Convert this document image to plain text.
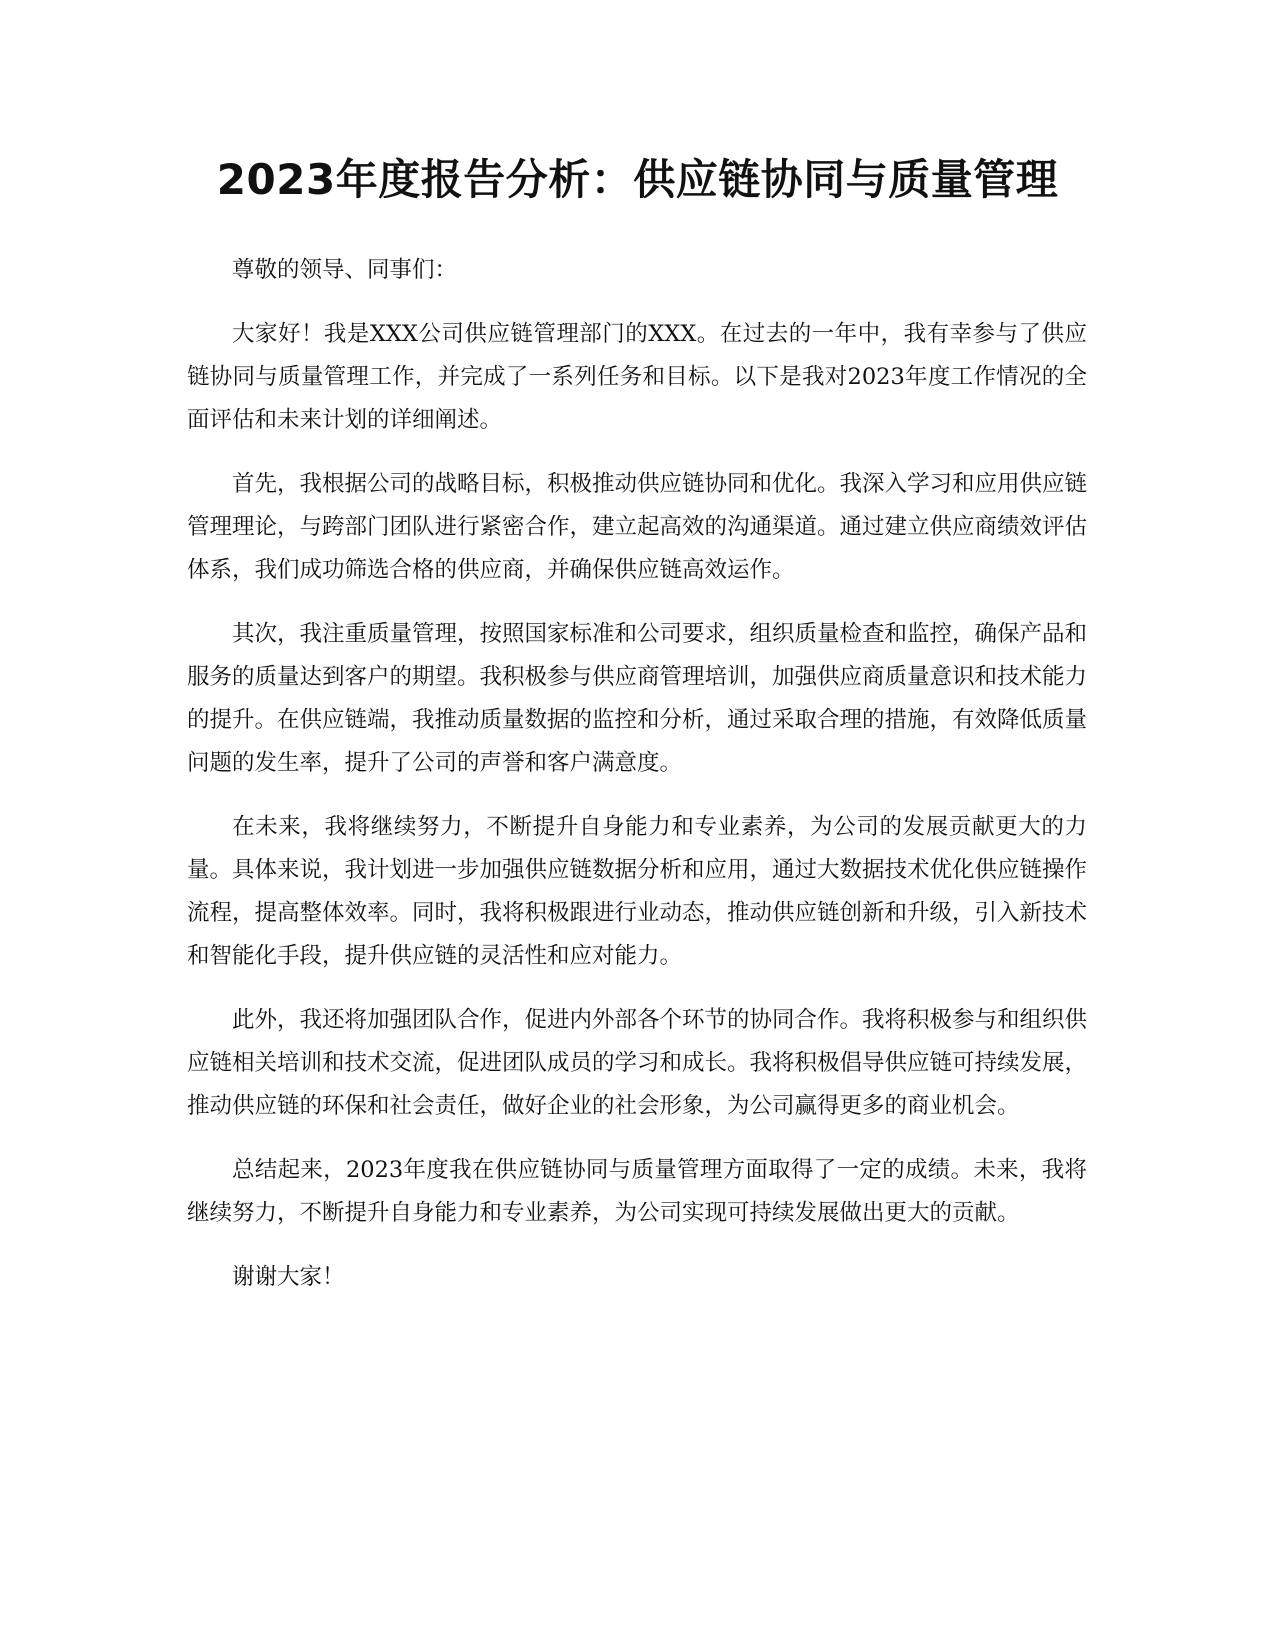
2023年度报告分析：供应链协同与质量管理

尊敬的领导、同事们：

大家好！我是XXX公司供应链管理部门的XXX。在过去的一年中，我有幸参与了供应链协同与质量管理工作，并完成了一系列任务和目标。以下是我对2023年度工作情况的全面评估和未来计划的详细阐述。

首先，我根据公司的战略目标，积极推动供应链协同和优化。我深入学习和应用供应链管理理论，与跨部门团队进行紧密合作，建立起高效的沟通渠道。通过建立供应商绩效评估体系，我们成功筛选合格的供应商，并确保供应链高效运作。

其次，我注重质量管理，按照国家标准和公司要求，组织质量检查和监控，确保产品和服务的质量达到客户的期望。我积极参与供应商管理培训，加强供应商质量意识和技术能力的提升。在供应链端，我推动质量数据的监控和分析，通过采取合理的措施，有效降低质量问题的发生率，提升了公司的声誉和客户满意度。

在未来，我将继续努力，不断提升自身能力和专业素养，为公司的发展贡献更大的力量。具体来说，我计划进一步加强供应链数据分析和应用，通过大数据技术优化供应链操作流程，提高整体效率。同时，我将积极跟进行业动态，推动供应链创新和升级，引入新技术和智能化手段，提升供应链的灵活性和应对能力。

此外，我还将加强团队合作，促进内外部各个环节的协同合作。我将积极参与和组织供应链相关培训和技术交流，促进团队成员的学习和成长。我将积极倡导供应链可持续发展，推动供应链的环保和社会责任，做好企业的社会形象，为公司赢得更多的商业机会。

总结起来，2023年度我在供应链协同与质量管理方面取得了一定的成绩。未来，我将继续努力，不断提升自身能力和专业素养，为公司实现可持续发展做出更大的贡献。

谢谢大家！
